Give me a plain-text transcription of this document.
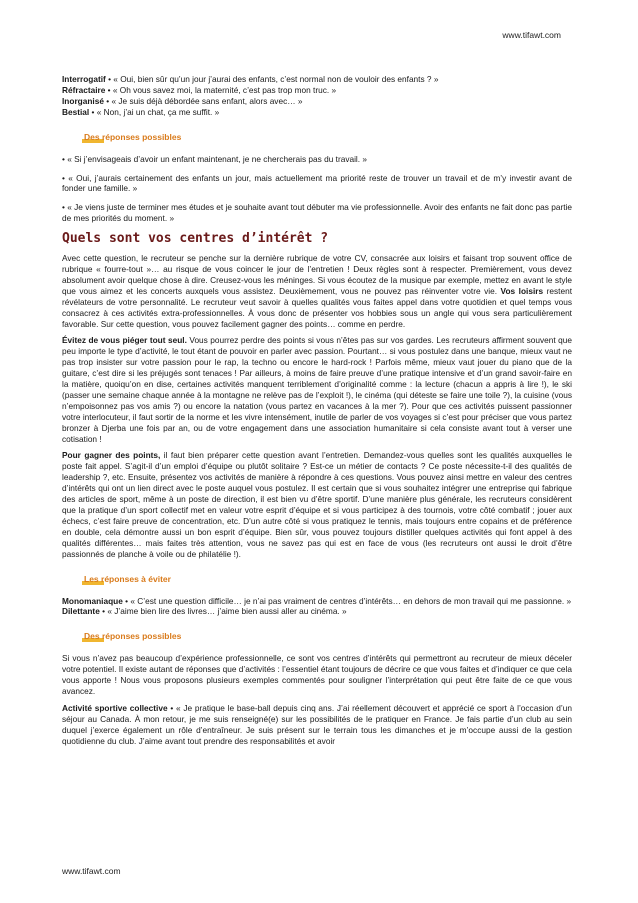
www.tifawt.com

Interrogatif • « Oui, bien sûr qu’un jour j’aurai des enfants, c’est normal non de vouloir des enfants ? »

Réfractaire • « Oh vous savez moi, la maternité, c’est pas trop mon truc. »

Inorganisé • « Je suis déjà débordée sans enfant, alors avec… »

Bestial • « Non, j’ai un chat, ça me suffit. »

Des réponses possibles

• « Si j’envisageais d’avoir un enfant maintenant, je ne chercherais pas du travail. »

• « Oui, j’aurais certainement des enfants un jour, mais actuellement ma priorité reste de trouver un travail et de m’y investir avant de fonder une famille. »

• « Je viens juste de terminer mes études et je souhaite avant tout débuter ma vie professionnelle. Avoir des enfants ne fait donc pas partie de mes priorités du moment. »

Quels sont vos centres d’intérêt ?

Avec cette question, le recruteur se penche sur la dernière rubrique de votre CV, consacrée aux loisirs et faisant trop souvent office de rubrique « fourre-tout »… au risque de vous coincer le jour de l’entretien ! Deux règles sont à respecter. Premièrement, vous devez absolument avoir quelque chose à dire. Creusez-vous les méninges. Si vous écoutez de la musique par exemple, mettez en avant le style que vous aimez et les concerts auxquels vous assistez. Deuxièmement, vous ne pouvez pas réinventer votre vie. Vos loisirs restent révélateurs de votre personnalité. Le recruteur veut savoir à quelles qualités vous faites appel dans votre quotidien et quel temps vous consacrez à ces activités extra-professionnelles. À vous donc de présenter vos hobbies sous un angle qui vous sera particulièrement favorable. Sur cette question, vous pouvez facilement gagner des points… comme en perdre.

Évitez de vous piéger tout seul. Vous pourrez perdre des points si vous n’êtes pas sur vos gardes. Les recruteurs affirment souvent que peu importe le type d’activité, le tout étant de pouvoir en parler avec passion. Pourtant… si vous postulez dans une banque, mieux vaut ne pas trop insister sur votre passion pour le rap, la techno ou encore le hard-rock ! Parfois même, mieux vaut jouer du piano que de la guitare, c’est dire si les préjugés sont tenaces ! Par ailleurs, à moins de faire preuve d’une pratique intensive et d’un grand savoir-faire en la matière, quoiqu’on en dise, certaines activités manquent terriblement d’originalité comme : la lecture (chacun a appris à lire !), le ski (passer une semaine chaque année à la montagne ne relève pas de l’exploit !), le cinéma (qui déteste se faire une toile ?), la cuisine (vous n’empoisonnez pas vos amis ?) ou encore la natation (vous partez en vacances à la mer ?). Pour que ces activités puissent passionner votre interlocuteur, il faut sortir de la norme et les vivre intensément, inutile de parler de vos voyages si c’est pour préciser que vous partez bronzer à Djerba une fois par an, ou de votre engagement dans une association humanitaire si cela consiste avant tout à verser une cotisation !

Pour gagner des points, il faut bien préparer cette question avant l’entretien. Demandez-vous quelles sont les qualités auxquelles le poste fait appel. S’agit-il d’un emploi d’équipe ou plutôt solitaire ? Est-ce un métier de contacts ? Ce poste nécessite-t-il des qualités de leadership ?, etc. Ensuite, présentez vos activités de manière à répondre à ces questions. Vous pouvez ainsi mettre en valeur des centres d’intérêts qui ont un lien direct avec le poste auquel vous postulez. Il est certain que si vous souhaitez intégrer une entreprise qui fabrique des articles de sport, même à un poste de direction, il est bien vu d’être sportif. D’une manière plus générale, les recruteurs considèrent que la pratique d’un sport collectif met en valeur votre esprit d’équipe et si vous participez à des tournois, votre côté combatif ; jouer aux échecs, c’est faire preuve de concentration, etc. D’un autre côté si vous pratiquez le tennis, mais toujours entre copains et de préférence en double, cela démontre aussi un bon esprit d’équipe. Bien sûr, vous pouvez toujours distiller quelques activités qui font appel à des qualités différentes… mais faites très attention, vous ne savez pas qui est en face de vous (les recruteurs ont aussi le droit d’être passionnés de planche à voile ou de philatélie !).

Les réponses à éviter

Monomaniaque • « C’est une question difficile… je n’ai pas vraiment de centres d’intérêts… en dehors de mon travail qui me passionne. »

Dilettante • « J’aime bien lire des livres… j’aime bien aussi aller au cinéma. »

Des réponses possibles

Si vous n’avez pas beaucoup d’expérience professionnelle, ce sont vos centres d’intérêts qui permettront au recruteur de mieux déceler votre potentiel. Il existe autant de réponses que d’activités : l’essentiel étant toujours de décrire ce que vous faites et d’indiquer ce que cela vous apporte ! Nous vous proposons plusieurs exemples commentés pour souligner l’interprétation qui peut être faite de ce que vous avancez.

Activité sportive collective • « Je pratique le base-ball depuis cinq ans. J’ai réellement découvert et apprécié ce sport à l’occasion d’un séjour au Canada. À mon retour, je me suis renseigné(e) sur les possibilités de le pratiquer en France. Je fais partie d’un club au sein duquel j’exerce également un rôle d’entraîneur. Je suis présent sur le terrain tous les dimanches et je m’occupe aussi de la gestion quotidienne du club. J’aime avant tout prendre des responsabilités et avoir

www.tifawt.com
